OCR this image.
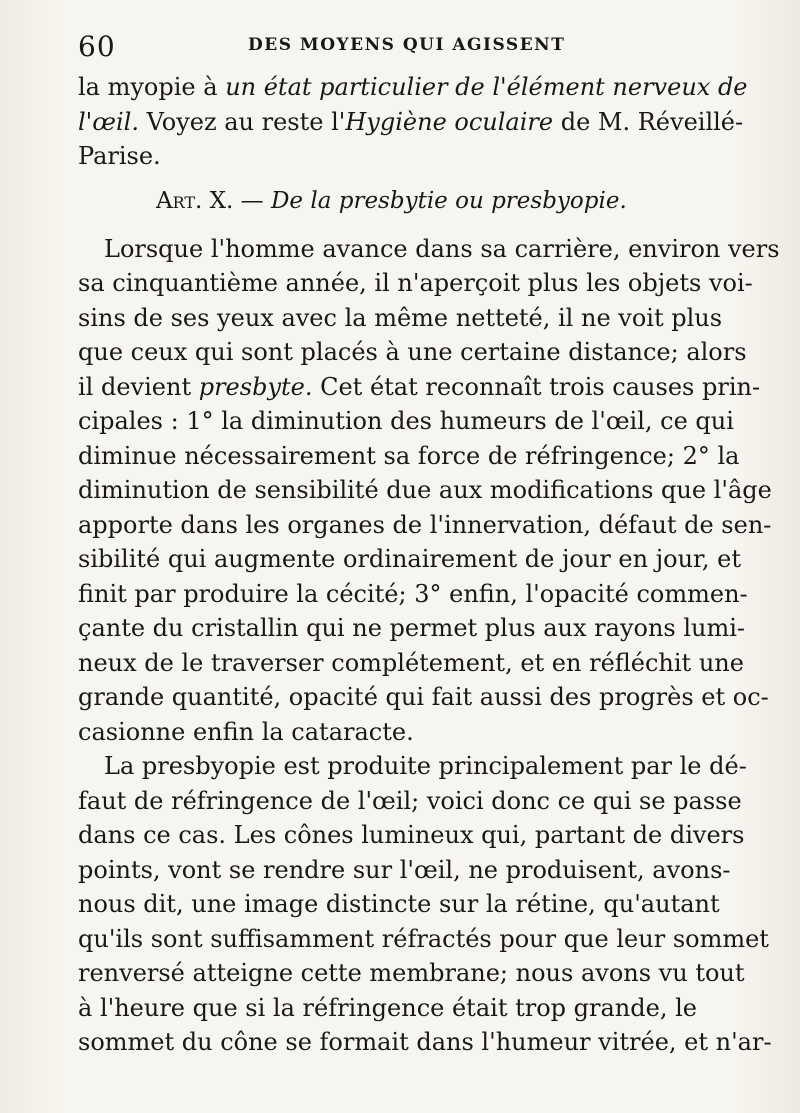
60	DES MOYENS QUI AGISSENT
la myopie à un état particulier de l'élément nerveux de
l'œil. Voyez au reste l'Hygiène oculaire de M. Réveillé-
Parise.
Art. X. — De la presbytie ou presbyopie.
Lorsque l'homme avance dans sa carrière, environ vers
sa cinquantième année, il n'aperçoit plus les objets voi-
sins de ses yeux avec la même netteté, il ne voit plus
que ceux qui sont placés à une certaine distance; alors
il devient presbyte. Cet état reconnaît trois causes prin-
cipales : 1° la diminution des humeurs de l'œil, ce qui
diminue nécessairement sa force de réfringence; 2° la
diminution de sensibilité due aux modifications que l'âge
apporte dans les organes de l'innervation, défaut de sen-
sibilité qui augmente ordinairement de jour en jour, et
finit par produire la cécité; 3° enfin, l'opacité commen-
çante du cristallin qui ne permet plus aux rayons lumi-
neux de le traverser complétement, et en réfléchit une
grande quantité, opacité qui fait aussi des progrès et oc-
casionne enfin la cataracte.
La presbyopie est produite principalement par le dé-
faut de réfringence de l'œil; voici donc ce qui se passe
dans ce cas. Les cônes lumineux qui, partant de divers
points, vont se rendre sur l'œil, ne produisent, avons-
nous dit, une image distincte sur la rétine, qu'autant
qu'ils sont suffisamment réfractés pour que leur sommet
renversé atteigne cette membrane; nous avons vu tout
à l'heure que si la réfringence était trop grande, le
sommet du cône se formait dans l'humeur vitrée, et n'ar-
